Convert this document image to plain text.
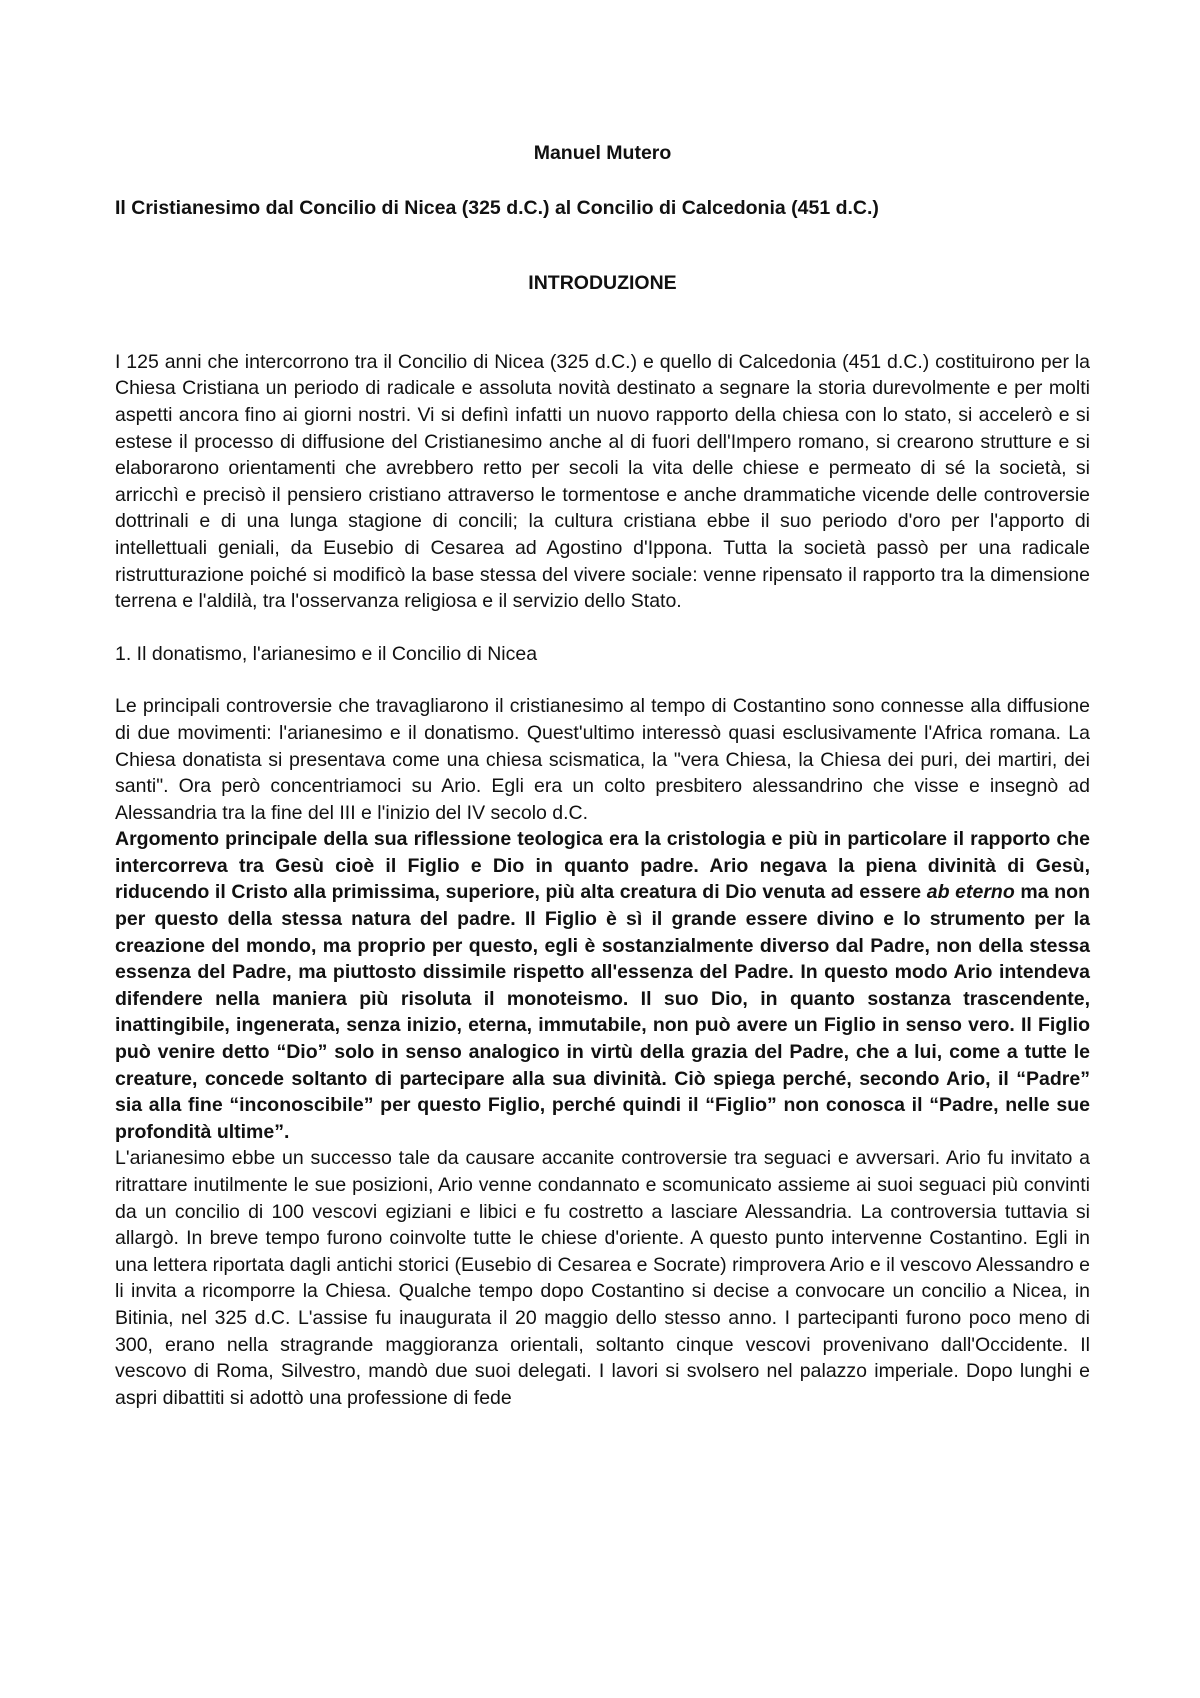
Manuel Mutero
Il Cristianesimo dal Concilio di Nicea (325 d.C.) al Concilio di Calcedonia (451 d.C.)
INTRODUZIONE

I 125 anni che intercorrono tra il Concilio di Nicea (325 d.C.) e quello di Calcedonia (451 d.C.) costituirono per la Chiesa Cristiana un periodo di radicale e assoluta novità destinato a segnare la storia durevolmente e per molti aspetti ancora fino ai giorni nostri. Vi si definì infatti un nuovo rapporto della chiesa con lo stato, si accelerò e si estese il processo di diffusione del Cristianesimo anche al di fuori dell'Impero romano, si crearono strutture e si elaborarono orientamenti che avrebbero retto per secoli la vita delle chiese e permeato di sé la società, si arricchì e precisò il pensiero cristiano attraverso le tormentose e anche drammatiche vicende delle controversie dottrinali e di una lunga stagione di concili; la cultura cristiana ebbe il suo periodo d'oro per l'apporto di intellettuali geniali, da Eusebio di Cesarea ad Agostino d'Ippona. Tutta la società passò per una radicale ristrutturazione poiché si modificò la base stessa del vivere sociale: venne ripensato il rapporto tra la dimensione terrena e l'aldilà, tra l'osservanza religiosa e il servizio dello Stato.

1. Il donatismo, l'arianesimo e il Concilio di Nicea

Le principali controversie che travagliarono il cristianesimo al tempo di Costantino sono connesse alla diffusione di due movimenti: l'arianesimo e il donatismo. Quest'ultimo interessò quasi esclusivamente l'Africa romana. La Chiesa donatista si presentava come una chiesa scismatica, la "vera Chiesa, la Chiesa dei puri, dei martiri, dei santi". Ora però concentriamoci su Ario. Egli era un colto presbitero alessandrino che visse e insegnò ad Alessandria tra la fine del III e l'inizio del IV secolo d.C.

Argomento principale della sua riflessione teologica era la cristologia e più in particolare il rapporto che intercorreva tra Gesù cioè il Figlio e Dio in quanto padre. Ario negava la piena divinità di Gesù, riducendo il Cristo alla primissima, superiore, più alta creatura di Dio venuta ad essere ab eterno ma non per questo della stessa natura del padre. Il Figlio è sì il grande essere divino e lo strumento per la creazione del mondo, ma proprio per questo, egli è sostanzialmente diverso dal Padre, non della stessa essenza del Padre, ma piuttosto dissimile rispetto all'essenza del Padre. In questo modo Ario intendeva difendere nella maniera più risoluta il monoteismo. Il suo Dio, in quanto sostanza trascendente, inattingibile, ingenerata, senza inizio, eterna, immutabile, non può avere un Figlio in senso vero. Il Figlio può venire detto “Dio” solo in senso analogico in virtù della grazia del Padre, che a lui, come a tutte le creature, concede soltanto di partecipare alla sua divinità. Ciò spiega perché, secondo Ario, il “Padre” sia alla fine “inconoscibile” per questo Figlio, perché quindi il “Figlio” non conosca il “Padre, nelle sue profondità ultime”.

L'arianesimo ebbe un successo tale da causare accanite controversie tra seguaci e avversari. Ario fu invitato a ritrattare inutilmente le sue posizioni, Ario venne condannato e scomunicato assieme ai suoi seguaci più convinti da un concilio di 100 vescovi egiziani e libici e fu costretto a lasciare Alessandria. La controversia tuttavia si allargò. In breve tempo furono coinvolte tutte le chiese d'oriente. A questo punto intervenne Costantino. Egli in una lettera riportata dagli antichi storici (Eusebio di Cesarea e Socrate) rimprovera Ario e il vescovo Alessandro e li invita a ricomporre la Chiesa. Qualche tempo dopo Costantino si decise a convocare un concilio a Nicea, in Bitinia, nel 325 d.C. L'assise fu inaugurata il 20 maggio dello stesso anno. I partecipanti furono poco meno di 300, erano nella stragrande maggioranza orientali, soltanto cinque vescovi provenivano dall'Occidente. Il vescovo di Roma, Silvestro, mandò due suoi delegati. I lavori si svolsero nel palazzo imperiale. Dopo lunghi e aspri dibattiti si adottò una professione di fede
